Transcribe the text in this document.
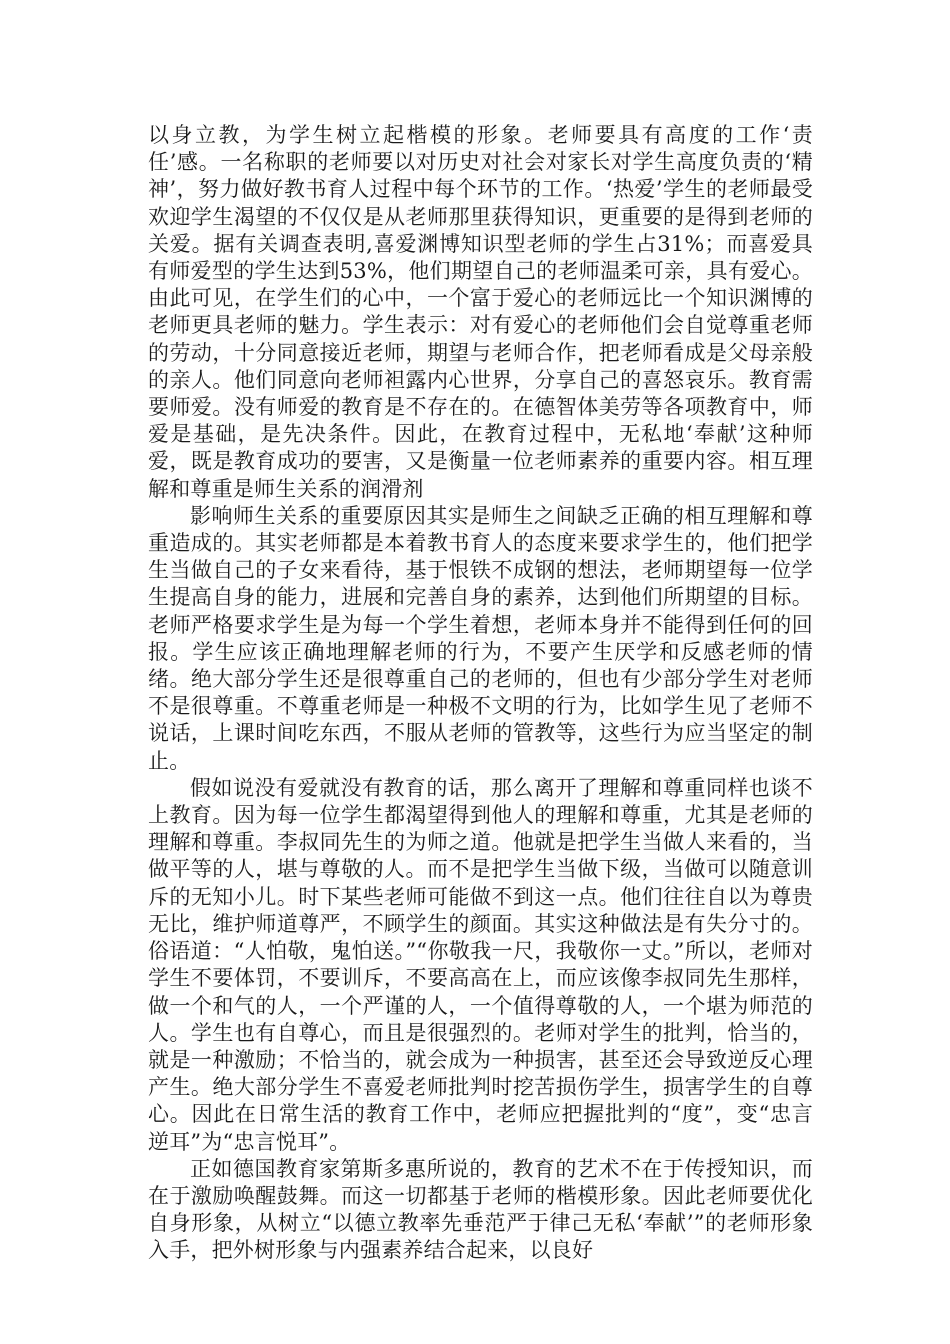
以身立教，为学生树立起楷模的形象。老师要具有高度的工作‘责任’感。一名称职的老师要以对历史对社会对家长对学生高度负责的‘精神’，努力做好教书育人过程中每个环节的工作。‘热爱’学生的老师最受欢迎学生渴望的不仅仅是从老师那里获得知识，更重要的是得到老师的关爱。据有关调查表明,喜爱渊博知识型老师的学生占31%；而喜爱具有师爱型的学生达到53%，他们期望自己的老师温柔可亲，具有爱心。由此可见，在学生们的心中，一个富于爱心的老师远比一个知识渊博的老师更具老师的魅力。学生表示：对有爱心的老师他们会自觉尊重老师的劳动，十分同意接近老师，期望与老师合作，把老师看成是父母亲般的亲人。他们同意向老师袒露内心世界，分享自己的喜怒哀乐。教育需要师爱。没有师爱的教育是不存在的。在德智体美劳等各项教育中，师爱是基础，是先决条件。因此，在教育过程中，无私地‘奉献’这种师爱，既是教育成功的要害，又是衡量一位老师素养的重要内容。相互理解和尊重是师生关系的润滑剂

影响师生关系的重要原因其实是师生之间缺乏正确的相互理解和尊重造成的。其实老师都是本着教书育人的态度来要求学生的，他们把学生当做自己的子女来看待，基于恨铁不成钢的想法，老师期望每一位学生提高自身的能力，进展和完善自身的素养，达到他们所期望的目标。老师严格要求学生是为每一个学生着想，老师本身并不能得到任何的回报。学生应该正确地理解老师的行为，不要产生厌学和反感老师的情绪。绝大部分学生还是很尊重自己的老师的，但也有少部分学生对老师不是很尊重。不尊重老师是一种极不文明的行为，比如学生见了老师不说话，上课时间吃东西，不服从老师的管教等，这些行为应当坚定的制止。

假如说没有爱就没有教育的话，那么离开了理解和尊重同样也谈不上教育。因为每一位学生都渴望得到他人的理解和尊重，尤其是老师的理解和尊重。李叔同先生的为师之道。他就是把学生当做人来看的，当做平等的人，堪与尊敬的人。而不是把学生当做下级，当做可以随意训斥的无知小儿。时下某些老师可能做不到这一点。他们往往自以为尊贵无比，维护师道尊严，不顾学生的颜面。其实这种做法是有失分寸的。俗语道：“人怕敬，鬼怕送。”“你敬我一尺，我敬你一丈。”所以，老师对学生不要体罚，不要训斥，不要高高在上，而应该像李叔同先生那样，做一个和气的人，一个严谨的人，一个值得尊敬的人，一个堪为师范的人。学生也有自尊心，而且是很强烈的。老师对学生的批判，恰当的，就是一种激励；不恰当的，就会成为一种损害，甚至还会导致逆反心理产生。绝大部分学生不喜爱老师批判时挖苦损伤学生，损害学生的自尊心。因此在日常生活的教育工作中，老师应把握批判的“度”，变“忠言逆耳”为“忠言悦耳”。

正如德国教育家第斯多惠所说的，教育的艺术不在于传授知识，而在于激励唤醒鼓舞。而这一切都基于老师的楷模形象。因此老师要优化自身形象，从树立“以德立教率先垂范严于律己无私‘奉献’”的老师形象入手，把外树形象与内强素养结合起来，以良好
